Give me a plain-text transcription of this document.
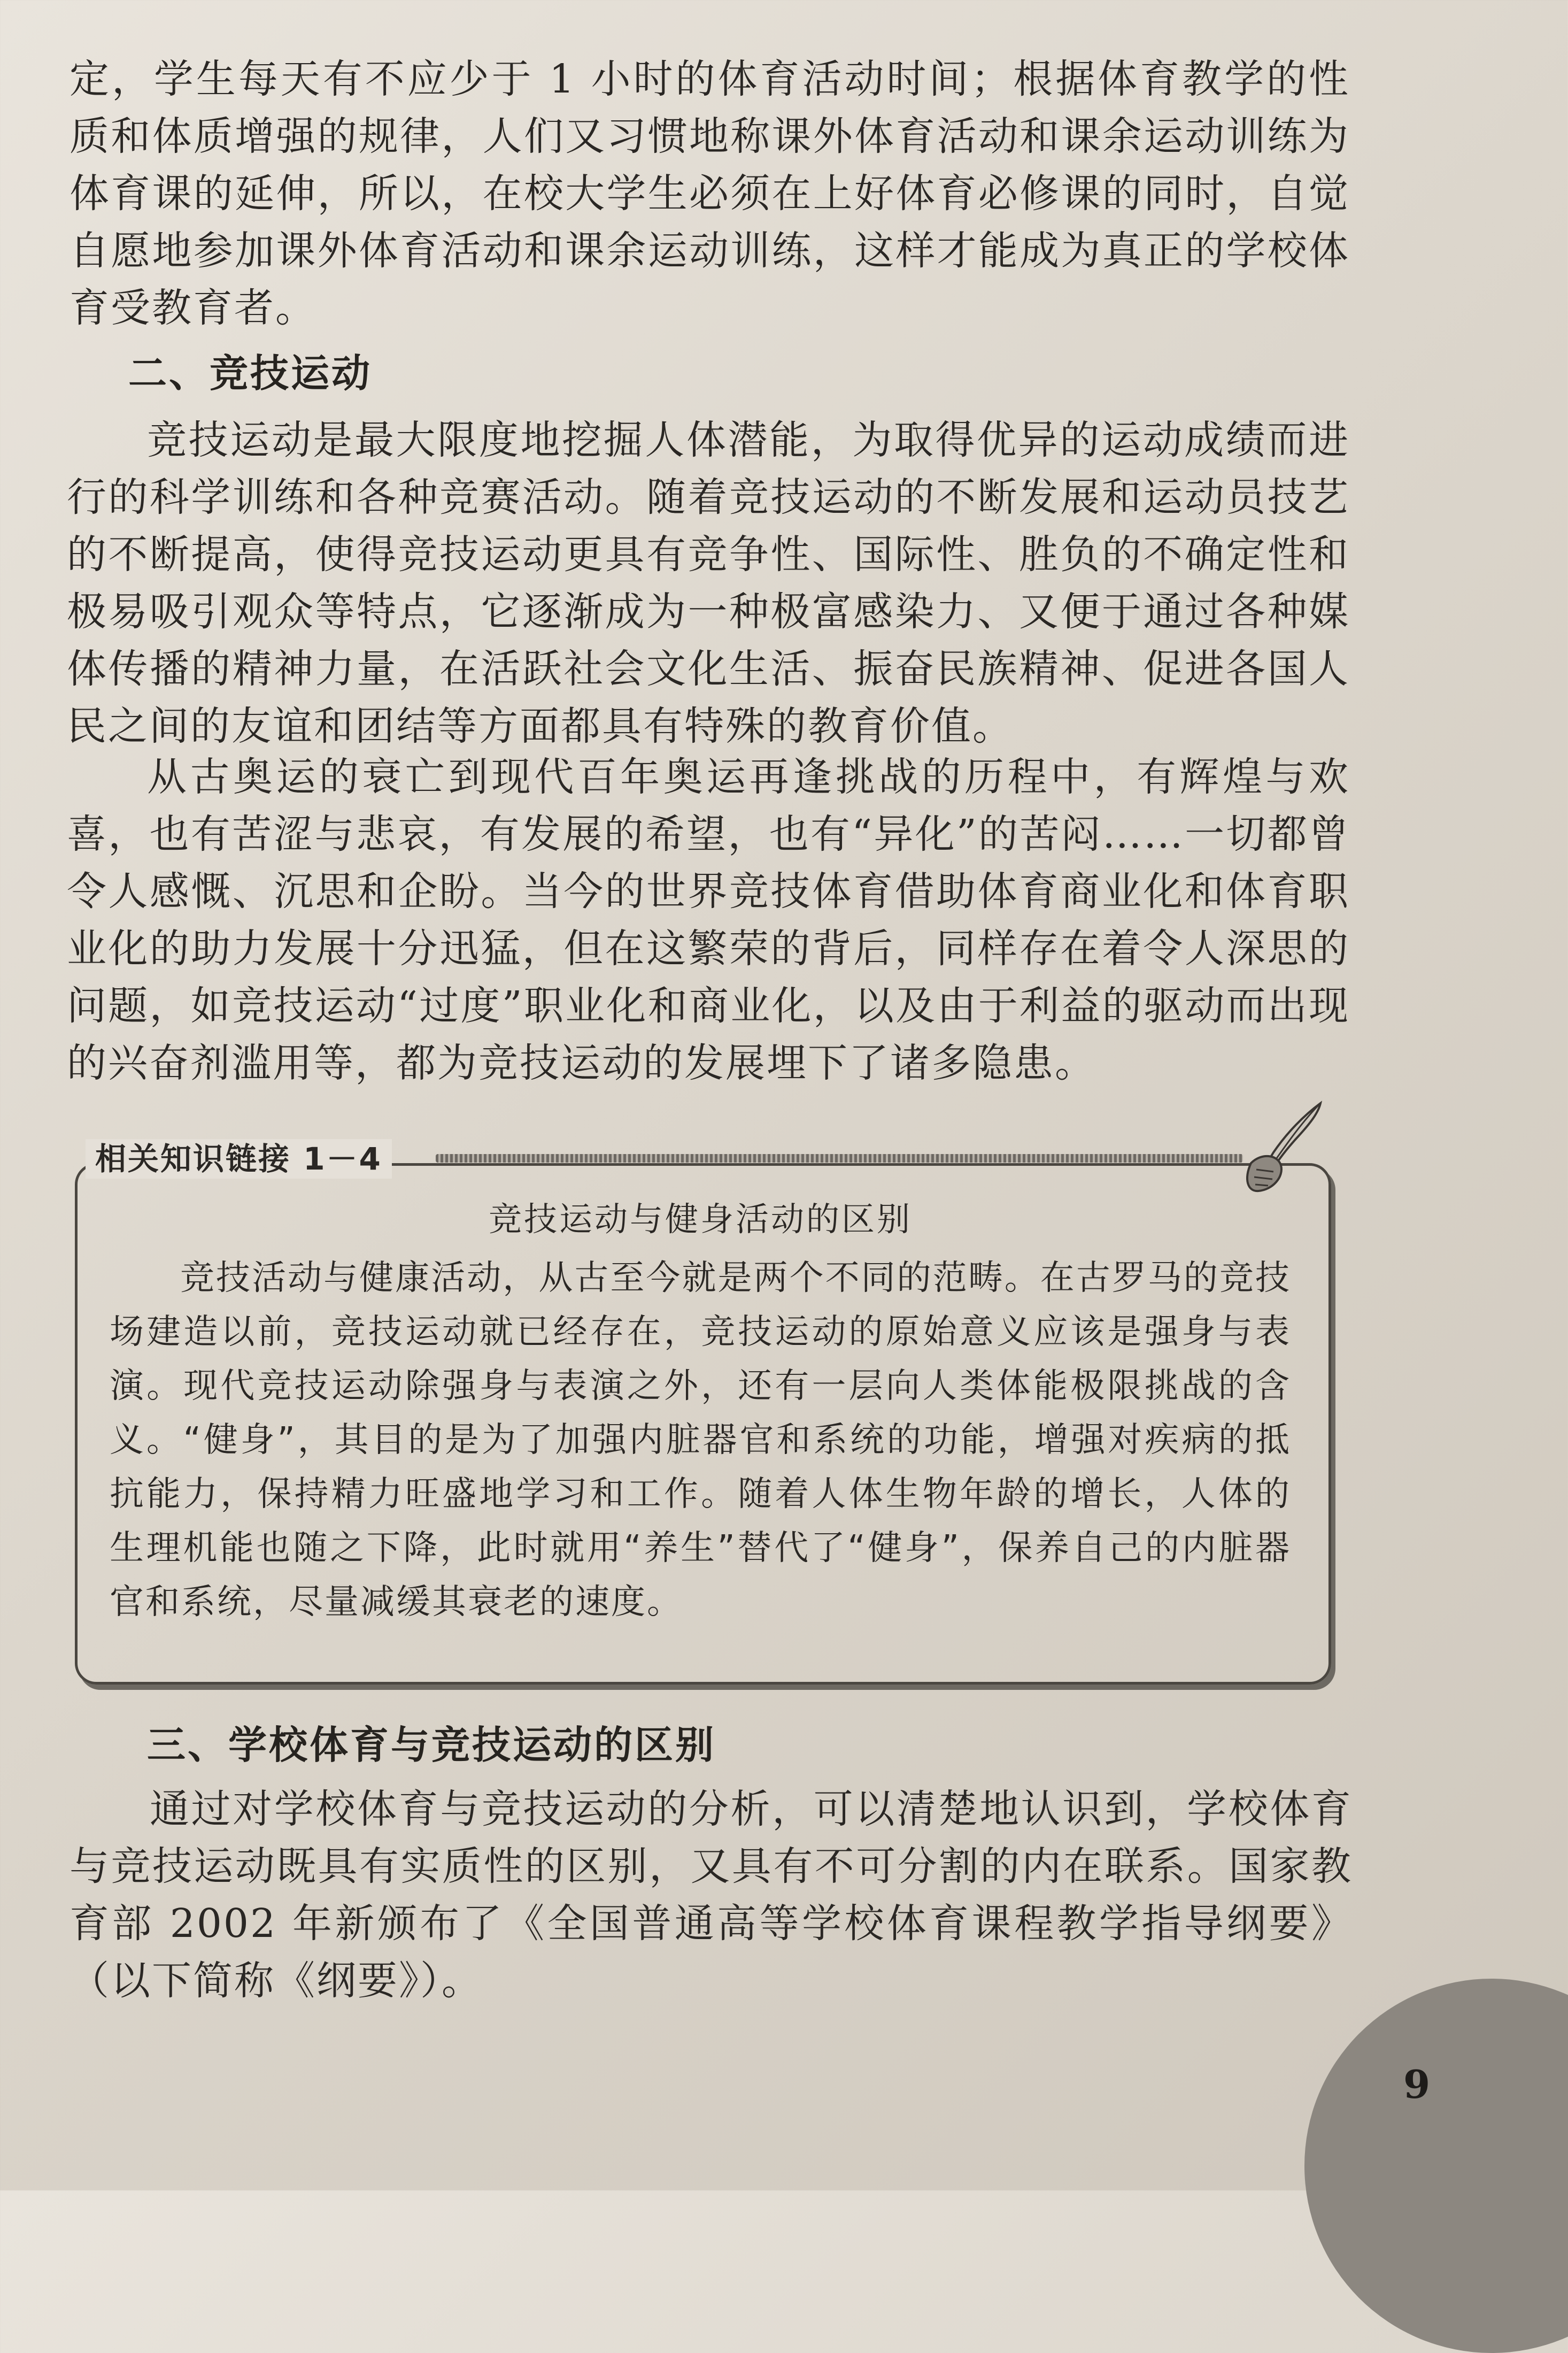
定，学生每天有不应少于 1 小时的体育活动时间；根据体育教学的性质和体质增强的规律，人们又习惯地称课外体育活动和课余运动训练为体育课的延伸，所以，在校大学生必须在上好体育必修课的同时，自觉自愿地参加课外体育活动和课余运动训练，这样才能成为真正的学校体育受教育者。

二、竞技运动

竞技运动是最大限度地挖掘人体潜能，为取得优异的运动成绩而进行的科学训练和各种竞赛活动。随着竞技运动的不断发展和运动员技艺的不断提高，使得竞技运动更具有竞争性、国际性、胜负的不确定性和极易吸引观众等特点，它逐渐成为一种极富感染力、又便于通过各种媒体传播的精神力量，在活跃社会文化生活、振奋民族精神、促进各国人民之间的友谊和团结等方面都具有特殊的教育价值。

从古奥运的衰亡到现代百年奥运再逢挑战的历程中，有辉煌与欢喜，也有苦涩与悲哀，有发展的希望，也有“异化”的苦闷……一切都曾令人感慨、沉思和企盼。当今的世界竞技体育借助体育商业化和体育职业化的助力发展十分迅猛，但在这繁荣的背后，同样存在着令人深思的问题，如竞技运动“过度”职业化和商业化，以及由于利益的驱动而出现的兴奋剂滥用等，都为竞技运动的发展埋下了诸多隐患。

相关知识链接 1－4

竞技运动与健身活动的区别

竞技活动与健康活动，从古至今就是两个不同的范畴。在古罗马的竞技场建造以前，竞技运动就已经存在，竞技运动的原始意义应该是强身与表演。现代竞技运动除强身与表演之外，还有一层向人类体能极限挑战的含义。“健身”，其目的是为了加强内脏器官和系统的功能，增强对疾病的抵抗能力，保持精力旺盛地学习和工作。随着人体生物年龄的增长，人体的生理机能也随之下降，此时就用“养生”替代了“健身”，保养自己的内脏器官和系统，尽量减缓其衰老的速度。

三、学校体育与竞技运动的区别

通过对学校体育与竞技运动的分析，可以清楚地认识到，学校体育与竞技运动既具有实质性的区别，又具有不可分割的内在联系。国家教育部 2002 年新颁布了《全国普通高等学校体育课程教学指导纲要》（以下简称《纲要》）。

9
